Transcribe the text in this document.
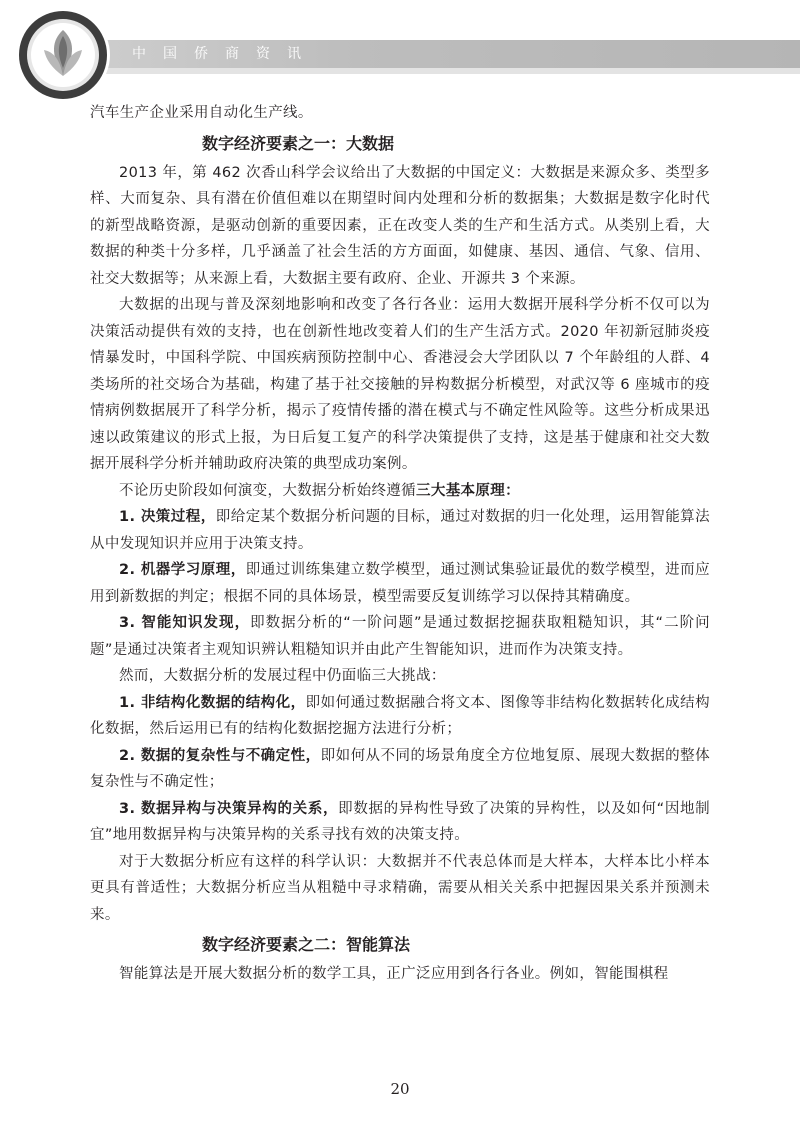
中国侨商资讯

汽车生产企业采用自动化生产线。

数字经济要素之一：大数据

2013 年，第 462 次香山科学会议给出了大数据的中国定义：大数据是来源众多、类型多样、大而复杂、具有潜在价值但难以在期望时间内处理和分析的数据集；大数据是数字化时代的新型战略资源，是驱动创新的重要因素，正在改变人类的生产和生活方式。从类别上看，大数据的种类十分多样，几乎涵盖了社会生活的方方面面，如健康、基因、通信、气象、信用、社交大数据等；从来源上看，大数据主要有政府、企业、开源共 3 个来源。

大数据的出现与普及深刻地影响和改变了各行各业：运用大数据开展科学分析不仅可以为决策活动提供有效的支持，也在创新性地改变着人们的生产生活方式。2020 年初新冠肺炎疫情暴发时，中国科学院、中国疾病预防控制中心、香港浸会大学团队以 7 个年龄组的人群、4 类场所的社交场合为基础，构建了基于社交接触的异构数据分析模型，对武汉等 6 座城市的疫情病例数据展开了科学分析，揭示了疫情传播的潜在模式与不确定性风险等。这些分析成果迅速以政策建议的形式上报，为日后复工复产的科学决策提供了支持，这是基于健康和社交大数据开展科学分析并辅助政府决策的典型成功案例。

不论历史阶段如何演变，大数据分析始终遵循三大基本原理：

1. 决策过程，即给定某个数据分析问题的目标，通过对数据的归一化处理，运用智能算法从中发现知识并应用于决策支持。

2. 机器学习原理，即通过训练集建立数学模型，通过测试集验证最优的数学模型，进而应用到新数据的判定；根据不同的具体场景，模型需要反复训练学习以保持其精确度。

3. 智能知识发现，即数据分析的“一阶问题”是通过数据挖掘获取粗糙知识，其“二阶问题”是通过决策者主观知识辨认粗糙知识并由此产生智能知识，进而作为决策支持。

然而，大数据分析的发展过程中仍面临三大挑战：

1. 非结构化数据的结构化，即如何通过数据融合将文本、图像等非结构化数据转化成结构化数据，然后运用已有的结构化数据挖掘方法进行分析；

2. 数据的复杂性与不确定性，即如何从不同的场景角度全方位地复原、展现大数据的整体复杂性与不确定性；

3. 数据异构与决策异构的关系，即数据的异构性导致了决策的异构性，以及如何“因地制宜”地用数据异构与决策异构的关系寻找有效的决策支持。

对于大数据分析应有这样的科学认识：大数据并不代表总体而是大样本，大样本比小样本更具有普适性；大数据分析应当从粗糙中寻求精确，需要从相关关系中把握因果关系并预测未来。

数字经济要素之二：智能算法

智能算法是开展大数据分析的数学工具，正广泛应用到各行各业。例如，智能围棋程

20
